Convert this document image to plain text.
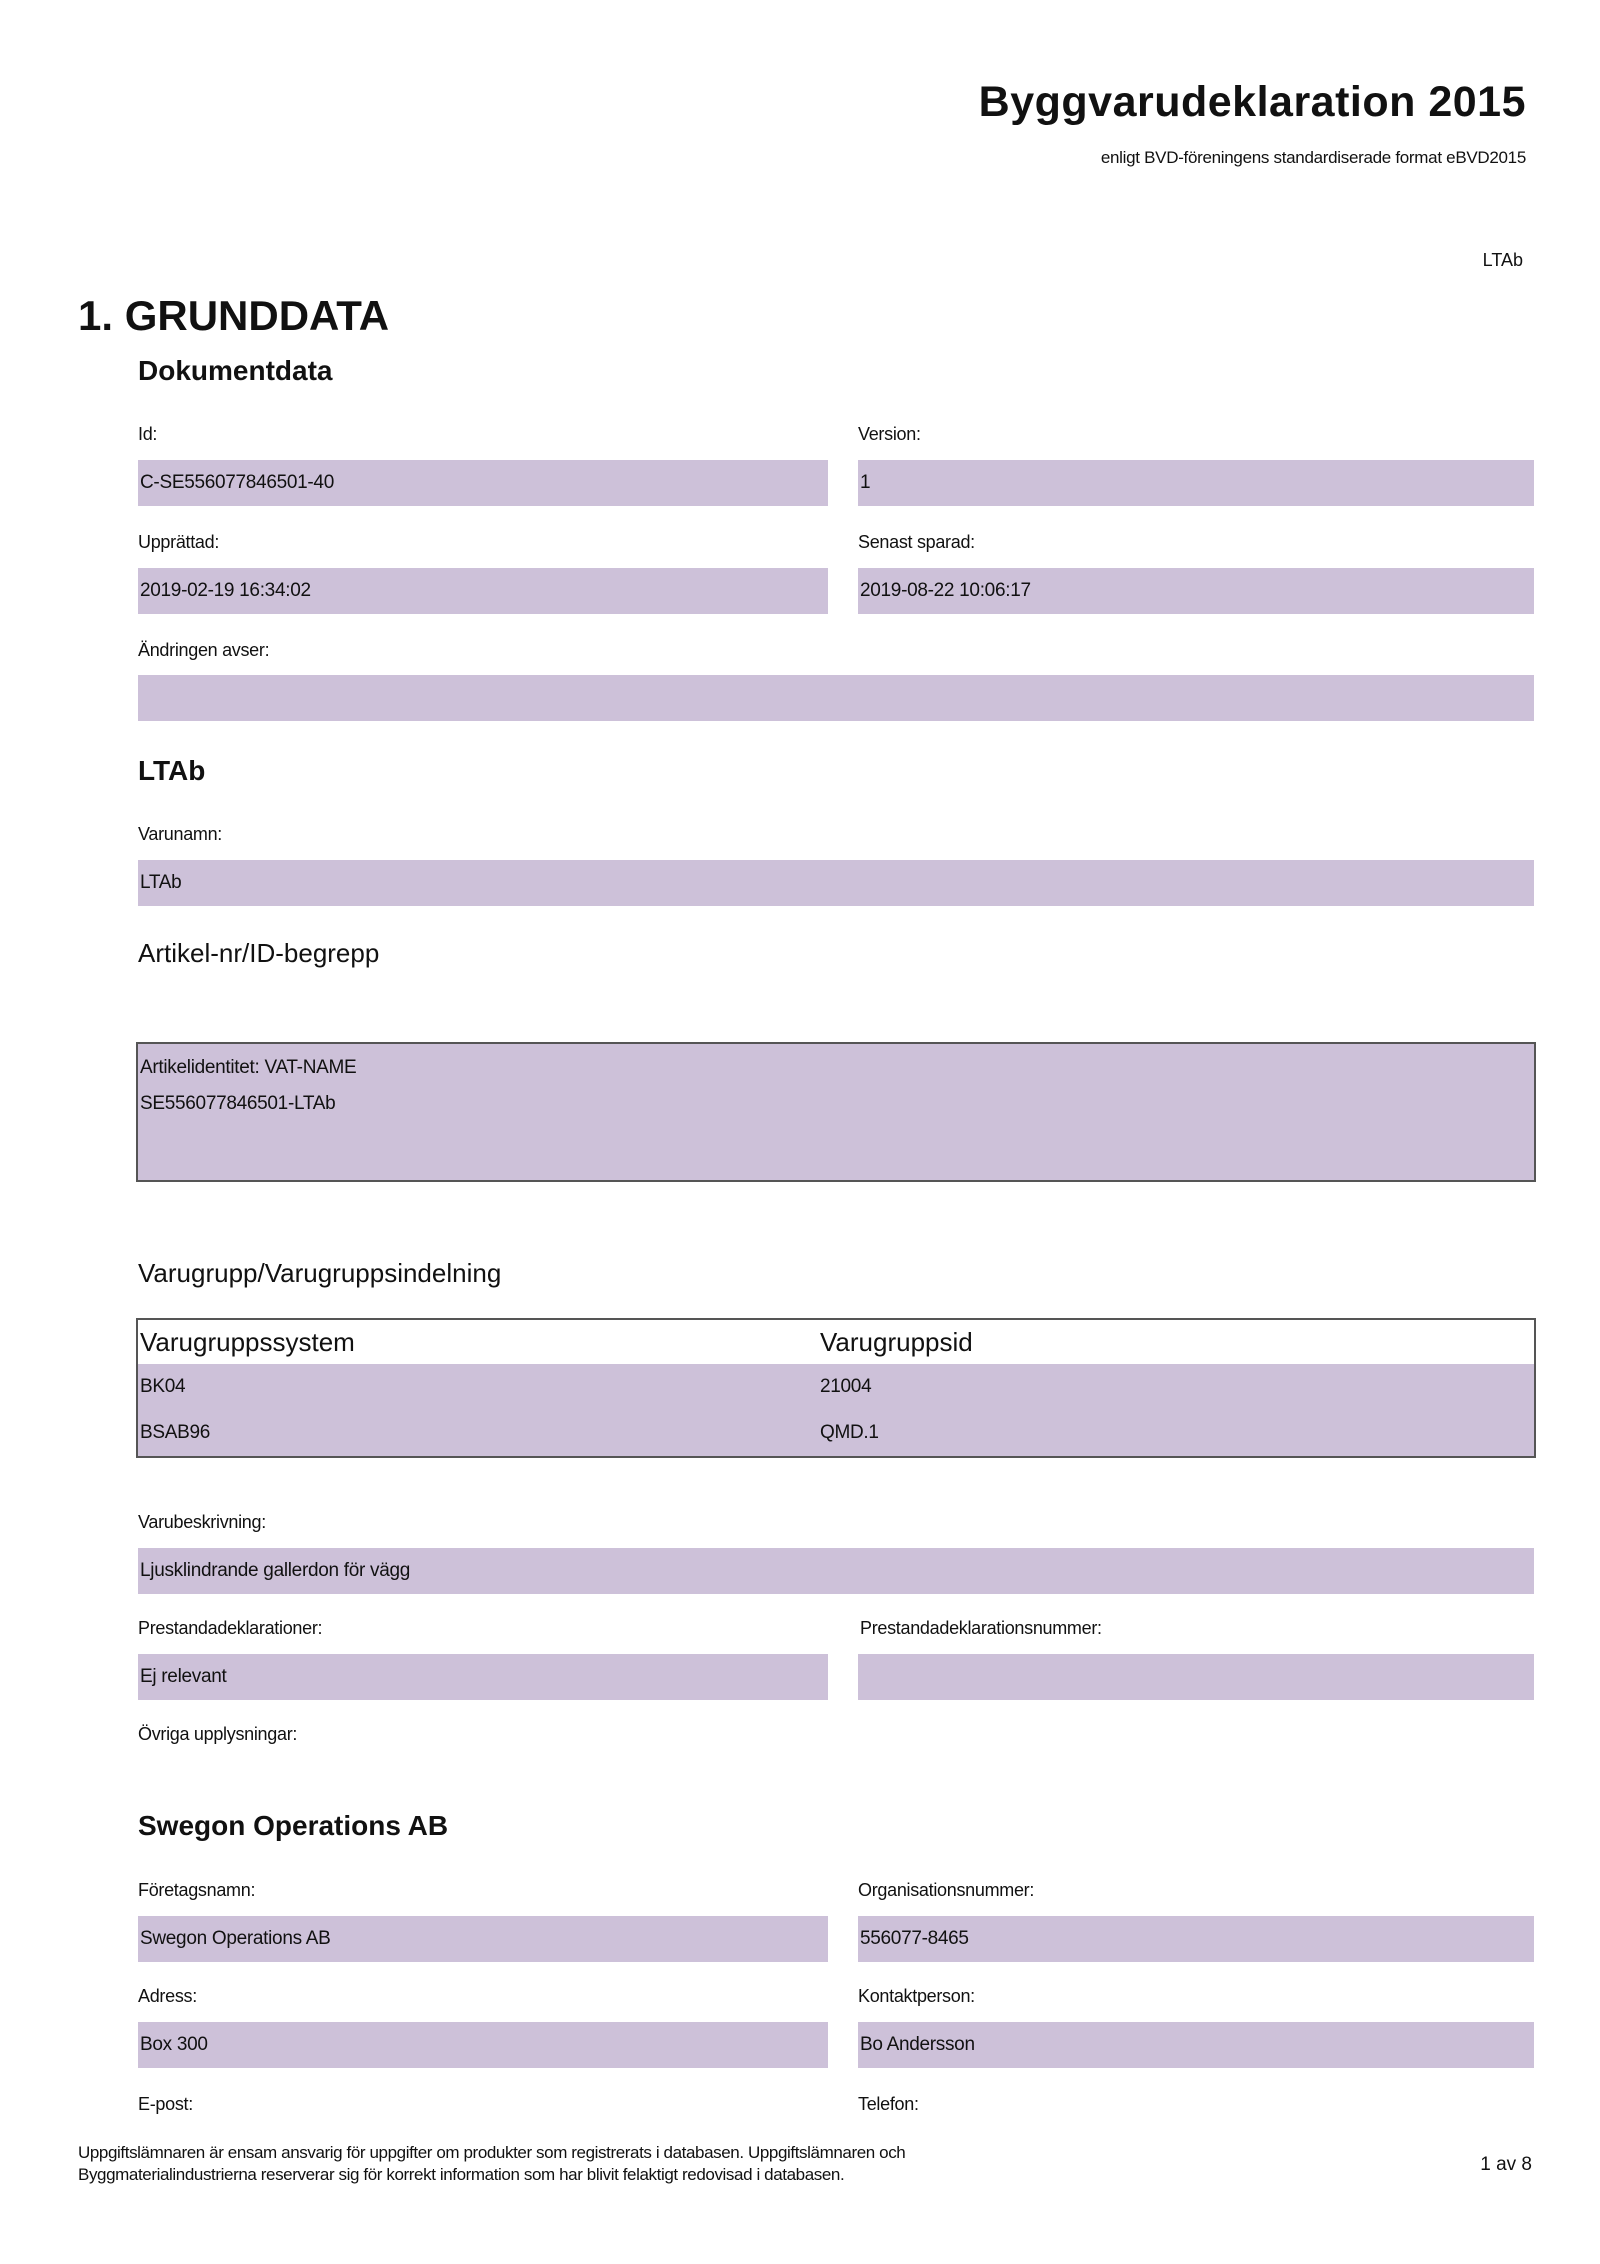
Byggvarudeklaration 2015
enligt BVD-föreningens standardiserade format eBVD2015
LTAb
1. GRUNDDATA
Dokumentdata
Id:
C-SE556077846501-40
Version:
1
Upprättad:
2019-02-19 16:34:02
Senast sparad:
2019-08-22 10:06:17
Ändringen avser:
LTAb
Varunamn:
LTAb
Artikel-nr/ID-begrepp
Artikelidentitet: VAT-NAME
SE556077846501-LTAb
Varugrupp/Varugruppsindelning
Varugruppssystem	Varugruppsid
BK04	21004
BSAB96	QMD.1
Varubeskrivning:
Ljusklindrande gallerdon för vägg
Prestandadeklarationer:
Ej relevant
Prestandadeklarationsnummer:
Övriga upplysningar:
Swegon Operations AB
Företagsnamn:
Swegon Operations AB
Organisationsnummer:
556077-8465
Adress:
Box 300
Kontaktperson:
Bo Andersson
E-post:	Telefon:
Uppgiftslämnaren är ensam ansvarig för uppgifter om produkter som registrerats i databasen. Uppgiftslämnaren och
Byggmaterialindustrierna reserverar sig för korrekt information som har blivit felaktigt redovisad i databasen.	1 av 8
